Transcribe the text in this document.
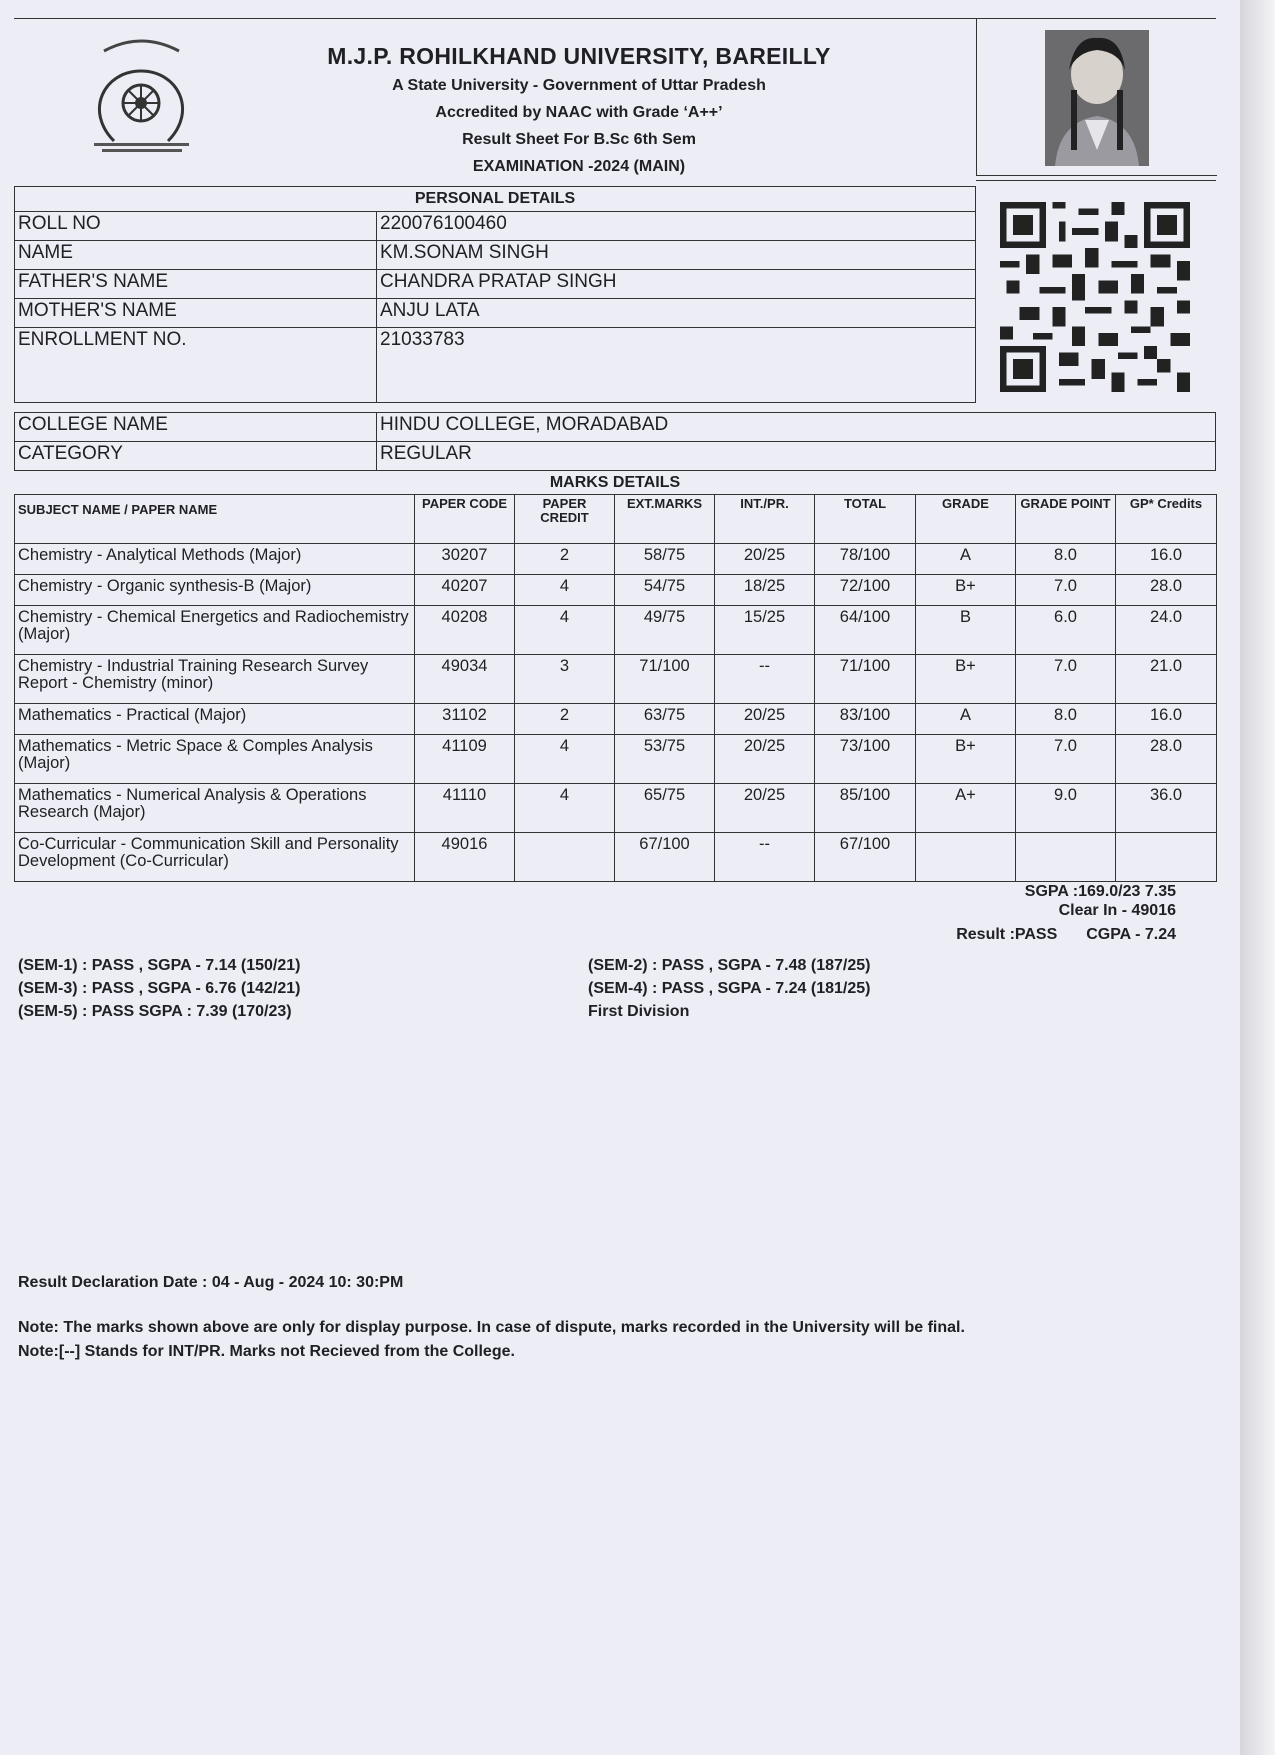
M.J.P. ROHILKHAND UNIVERSITY, BAREILLY
A State University - Government of Uttar Pradesh
Accredited by NAAC with Grade ‘A++’
Result Sheet For B.Sc 6th Sem
EXAMINATION -2024 (MAIN)
PERSONAL DETAILS	
ROLL NO	220076100460
NAME	KM.SONAM SINGH
FATHER'S NAME	CHANDRA PRATAP SINGH
MOTHER'S NAME	ANJU LATA
ENROLLMENT NO.	21033783
COLLEGE NAME	HINDU COLLEGE, MORADABAD
CATEGORY	REGULAR
MARKS DETAILS
SUBJECT NAME / PAPER NAME	PAPER CODE	PAPER CREDIT	EXT.MARKS	INT./PR.	TOTAL	GRADE	GRADE POINT	GP* Credits
Chemistry - Analytical Methods (Major)	30207	2	58/75	20/25	78/100	A	8.0	16.0
Chemistry - Organic synthesis-B (Major)	40207	4	54/75	18/25	72/100	B+	7.0	28.0
Chemistry - Chemical Energetics and Radiochemistry (Major)	40208	4	49/75	15/25	64/100	B	6.0	24.0
Chemistry - Industrial Training Research Survey Report - Chemistry (minor)	49034	3	71/100	--	71/100	B+	7.0	21.0
Mathematics - Practical (Major)	31102	2	63/75	20/25	83/100	A	8.0	16.0
Mathematics - Metric Space & Comples Analysis (Major)	41109	4	53/75	20/25	73/100	B+	7.0	28.0
Mathematics - Numerical Analysis & Operations Research (Major)	41110	4	65/75	20/25	85/100	A+	9.0	36.0
Co-Curricular - Communication Skill and Personality Development (Co-Curricular)	49016		67/100	--	67/100			
SGPA :169.0/23 7.35
Clear In - 49016
Result :PASS CGPA - 7.24
(SEM-1) : PASS , SGPA - 7.14 (150/21)
(SEM-3) : PASS , SGPA - 6.76 (142/21)
(SEM-5) : PASS SGPA : 7.39 (170/23)
(SEM-2) : PASS , SGPA - 7.48 (187/25)
(SEM-4) : PASS , SGPA - 7.24 (181/25)
First Division
Result Declaration Date : 04 - Aug - 2024 10: 30:PM
Note: The marks shown above are only for display purpose. In case of dispute, marks recorded in the University will be final.
Note:[--] Stands for INT/PR. Marks not Recieved from the College.
